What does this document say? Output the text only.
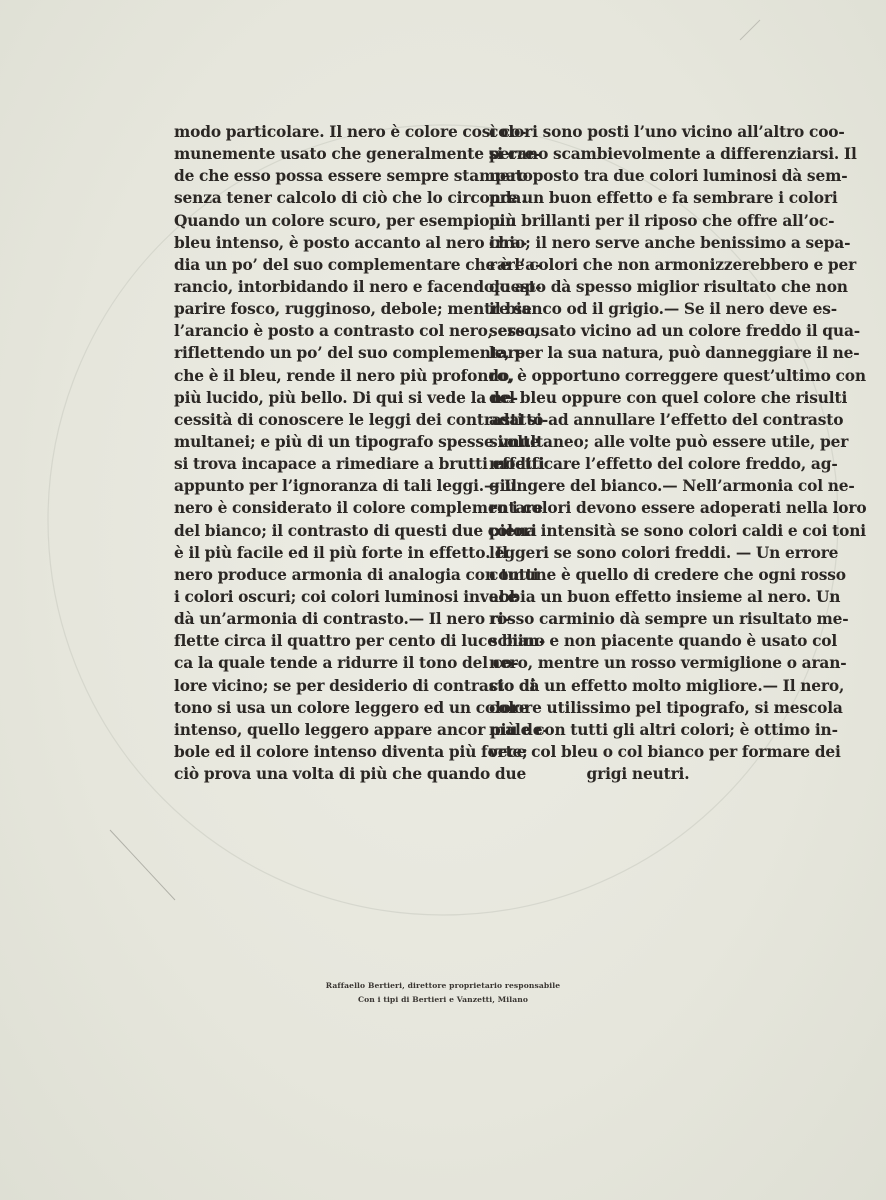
modo particolare. Il nero è colore così co-
munemente usato che generalmente si cre-
de che esso possa essere sempre stampato
senza tener calcolo di ciò che lo circonda.
Quando un colore scuro, per esempio un
bleu intenso, è posto accanto al nero irra-
dia un po’ del suo complementare che è l’a-
rancio, intorbidando il nero e facendolo ap-
parire fosco, rugginoso, debole; mentre se
l’arancio è posto a contrasto col nero, esso,
riflettendo un po’ del suo complementare
che è il bleu, rende il nero più profondo,
più lucido, più bello. Di qui si vede la ne-
cessità di conoscere le leggi dei contrasti si-
multanei; e più di un tipografo spesse volte
si trova incapace a rimediare a brutti effetti
appunto per l’ignoranza di tali leggi.— Il
nero è considerato il colore complementare
del bianco; il contrasto di questi due colori
è il più facile ed il più forte in effetto. Il
nero produce armonia di analogia con tutti
i colori oscuri; coi colori luminosi invece
dà un’armonia di contrasto.— Il nero ri-
flette circa il quattro per cento di luce bian-
ca la quale tende a ridurre il tono del co-
lore vicino; se per desiderio di contrasto di
tono si usa un colore leggero ed un colore
intenso, quello leggero appare ancor più de-
bole ed il colore intenso diventa più forte;
ciò prova una volta di più che quando due
colori sono posti l’uno vicino all’altro coo-
perano scambievolmente a differenziarsi. Il
nero posto tra due colori luminosi dà sem-
pre un buon effetto e fa sembrare i colori
più brillanti per il riposo che offre all’oc-
chio; il nero serve anche benissimo a sepa-
rare colori che non armonizzerebbero e per
questo dà spesso miglior risultato che non
il bianco od il grigio.— Se il nero deve es-
sere usato vicino ad un colore freddo il qua-
le, per la sua natura, può danneggiare il ne-
ro, è opportuno correggere quest’ultimo con
del bleu oppure con quel colore che risulti
adatto ad annullare l’effetto del contrasto
simultaneo; alle volte può essere utile, per
modificare l’effetto del colore freddo, ag-
giungere del bianco.— Nell’armonia col ne-
ro i colori devono essere adoperati nella loro
piena intensità se sono colori caldi e coi toni
leggeri se sono colori freddi. — Un errore
comune è quello di credere che ogni rosso
abbia un buon effetto insieme al nero. Un
rosso carminio dà sempre un risultato me-
schino e non piacente quando è usato col
nero, mentre un rosso vermiglione o aran-
cio dà un effetto molto migliore.— Il nero,
colore utilissimo pel tipografo, si mescola
male con tutti gli altri colori; è ottimo in-
vece col bleu o col bianco per formare dei
grigi neutri.
Raffaello Bertieri, direttore proprietario responsabile
Con i tipi di Bertieri e Vanzetti, Milano
